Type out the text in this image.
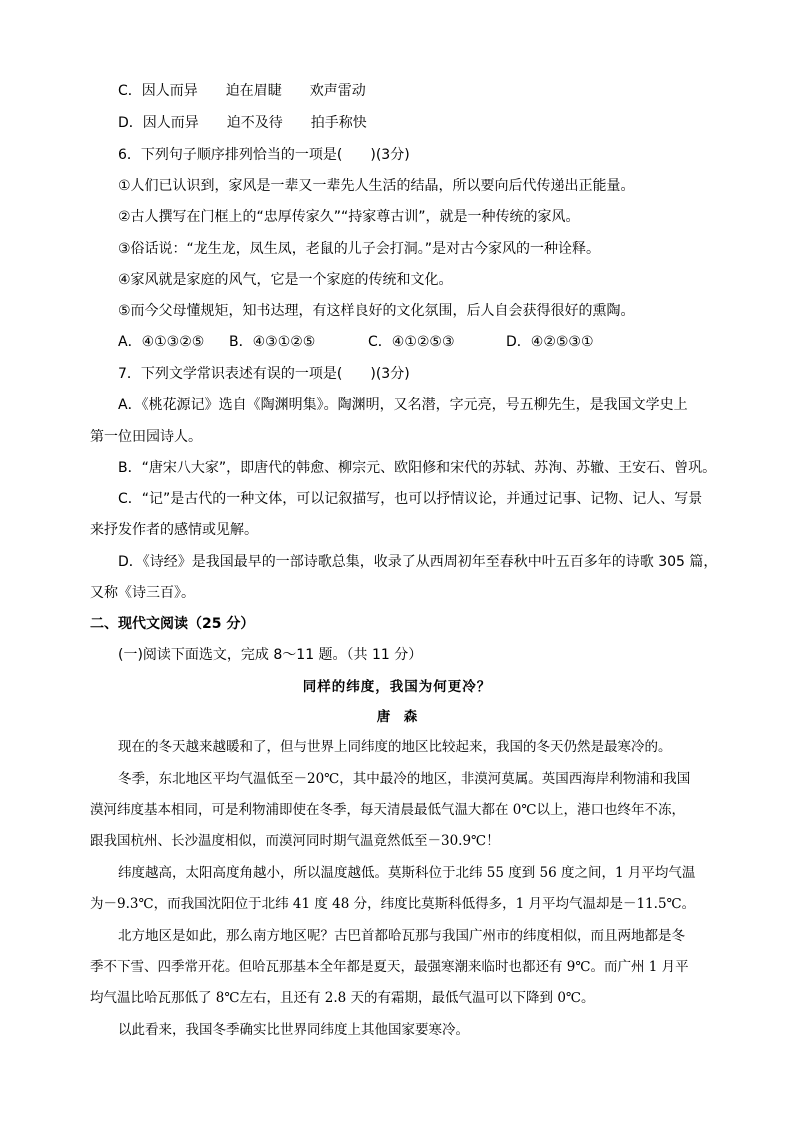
C．因人而异 迫在眉睫 欢声雷动
D．因人而异 迫不及待 拍手称快
6．下列句子顺序排列恰当的一项是(　　)(3分)
①人们已认识到，家风是一辈又一辈先人生活的结晶，所以要向后代传递出正能量。
②古人撰写在门框上的“忠厚传家久”“持家尊古训”，就是一种传统的家风。
③俗话说：“龙生龙，凤生凤，老鼠的儿子会打洞。”是对古今家风的一种诠释。
④家风就是家庭的风气，它是一个家庭的传统和文化。
⑤而今父母懂规矩，知书达理，有这样良好的文化氛围，后人自会获得很好的熏陶。
A．④①③②⑤ B．④③①②⑤	C．④①②⑤③	D．④②⑤③①
7．下列文学常识表述有误的一项是(　　)(3分)
A．《桃花源记》选自《陶渊明集》。陶渊明，又名潜，字元亮，号五柳先生，是我国文学史上
第一位田园诗人。
B．“唐宋八大家”，即唐代的韩愈、柳宗元、欧阳修和宋代的苏轼、苏洵、苏辙、王安石、曾巩。
C．“记”是古代的一种文体，可以记叙描写，也可以抒情议论，并通过记事、记物、记人、写景
来抒发作者的感情或见解。
D．《诗经》是我国最早的一部诗歌总集，收录了从西周初年至春秋中叶五百多年的诗歌 305 篇，
又称《诗三百》。
二、现代文阅读（25 分）
(一)阅读下面选文，完成 8～11 题。（共 11 分）
同样的纬度，我国为何更冷？
唐　森
现在的冬天越来越暖和了，但与世界上同纬度的地区比较起来，我国的冬天仍然是最寒冷的。
冬季，东北地区平均气温低至－20℃，其中最冷的地区，非漠河莫属。英国西海岸利物浦和我国
漠河纬度基本相同，可是利物浦即使在冬季，每天清晨最低气温大都在 0℃以上，港口也终年不冻，
跟我国杭州、长沙温度相似，而漠河同时期气温竟然低至－30.9℃！
纬度越高，太阳高度角越小，所以温度越低。莫斯科位于北纬 55 度到 56 度之间，1 月平均气温
为－9.3℃，而我国沈阳位于北纬 41 度 48 分，纬度比莫斯科低得多，1 月平均气温却是－11.5℃。
北方地区是如此，那么南方地区呢？古巴首都哈瓦那与我国广州市的纬度相似，而且两地都是冬
季不下雪、四季常开花。但哈瓦那基本全年都是夏天，最强寒潮来临时也都还有 9℃。而广州 1 月平
均气温比哈瓦那低了 8℃左右，且还有 2.8 天的有霜期，最低气温可以下降到 0℃。
以此看来，我国冬季确实比世界同纬度上其他国家要寒冷。
